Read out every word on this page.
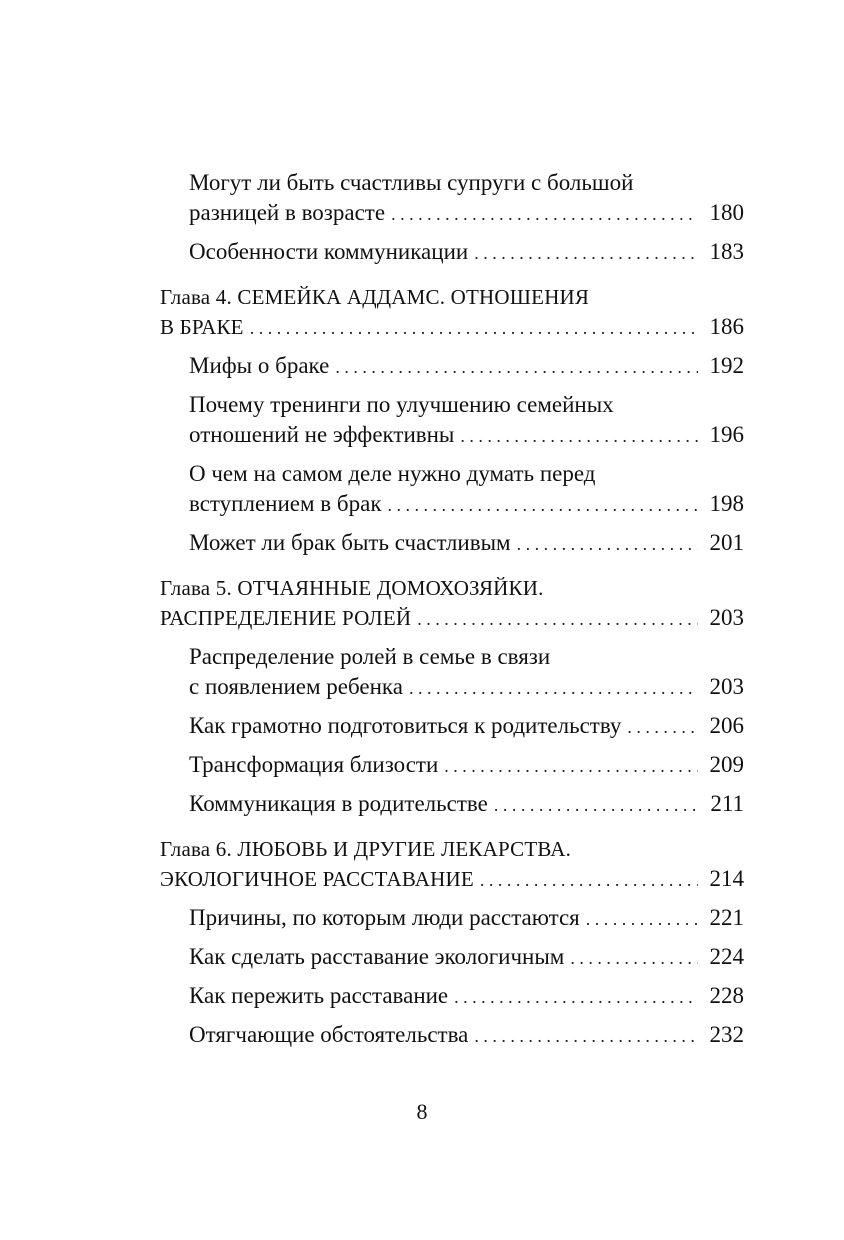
Могут ли быть счастливы супруги с большой
разницей в возрасте . . .	180
Особенности коммуникации . . .	183
Глава 4. СЕМЕЙКА АДДАМС. ОТНОШЕНИЯ
В БРАКЕ . . .	186
Мифы о браке . . .	192
Почему тренинги по улучшению семейных
отношений не эффективны . . .	196
О чем на самом деле нужно думать перед
вступлением в брак . . .	198
Может ли брак быть счастливым . . .	201
Глава 5. ОТЧАЯННЫЕ ДОМОХОЗЯЙКИ.
РАСПРЕДЕЛЕНИЕ РОЛЕЙ . . .	203
Распределение ролей в семье в связи
с появлением ребенка . . .	203
Как грамотно подготовиться к родительству . . .	206
Трансформация близости . . .	209
Коммуникация в родительстве . . .	211
Глава 6. ЛЮБОВЬ И ДРУГИЕ ЛЕКАРСТВА.
ЭКОЛОГИЧНОЕ РАССТАВАНИЕ . . .	214
Причины, по которым люди расстаются . . .	221
Как сделать расставание экологичным . . .	224
Как пережить расставание . . .	228
Отягчающие обстоятельства . . .	232
8
